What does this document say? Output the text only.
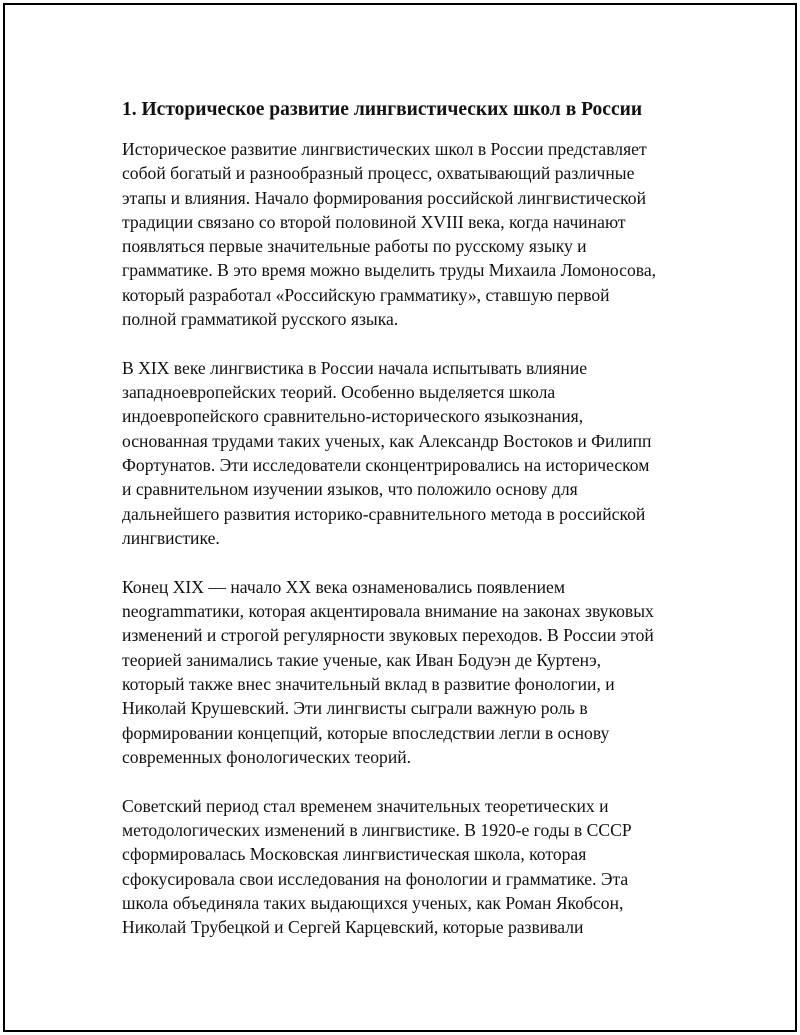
1. Историческое развитие лингвистических школ в России

Историческое развитие лингвистических школ в России представляет
собой богатый и разнообразный процесс, охватывающий различные
этапы и влияния. Начало формирования российской лингвистической
традиции связано со второй половиной XVIII века, когда начинают
появляться первые значительные работы по русскому языку и
грамматике. В это время можно выделить труды Михаила Ломоносова,
который разработал «Российскую грамматику», ставшую первой
полной грамматикой русского языка.

В XIX веке лингвистика в России начала испытывать влияние
западноевропейских теорий. Особенно выделяется школа
индоевропейского сравнительно-исторического языкознания,
основанная трудами таких ученых, как Александр Востоков и Филипп
Фортунатов. Эти исследователи сконцентрировались на историческом
и сравнительном изучении языков, что положило основу для
дальнейшего развития историко-сравнительного метода в российской
лингвистике.

Конец XIX — начало XX века ознаменовались появлением
neogrammатики, которая акцентировала внимание на законах звуковых
изменений и строгой регулярности звуковых переходов. В России этой
теорией занимались такие ученые, как Иван Бодуэн де Куртенэ,
который также внес значительный вклад в развитие фонологии, и
Николай Крушевский. Эти лингвисты сыграли важную роль в
формировании концепций, которые впоследствии легли в основу
современных фонологических теорий.

Советский период стал временем значительных теоретических и
методологических изменений в лингвистике. В 1920-е годы в СССР
сформировалась Московская лингвистическая школа, которая
сфокусировала свои исследования на фонологии и грамматике. Эта
школа объединяла таких выдающихся ученых, как Роман Якобсон,
Николай Трубецкой и Сергей Карцевский, которые развивали
